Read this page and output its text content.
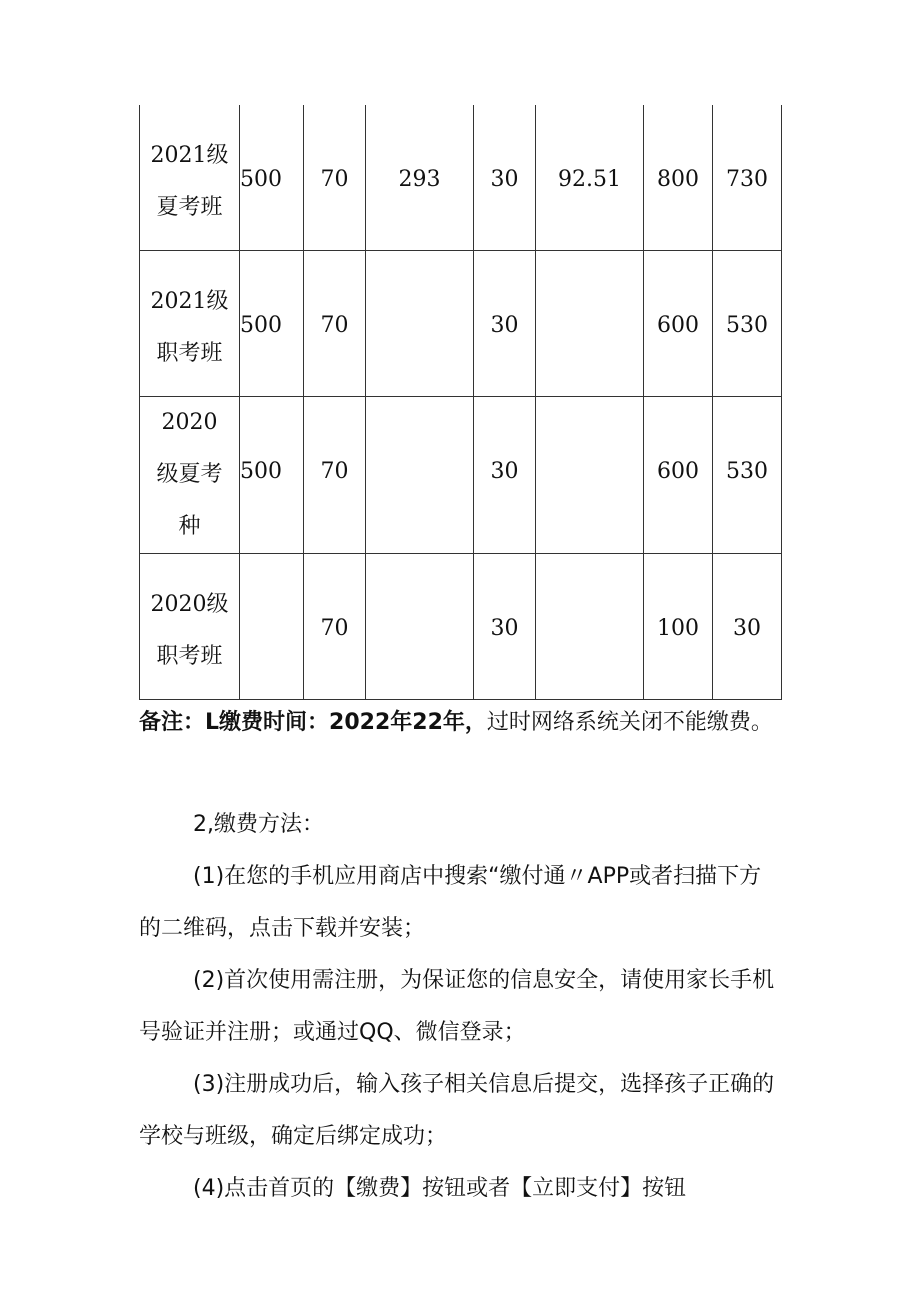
2021级
夏考班	500	70	293	30	92.51	800	730

2021级
职考班	500	70		30		600	530

2020
级夏考
种	500	70		30		600	530

2020级
职考班		70		30		100	30

备注：L缴费时间：2022年22年，过时网络系统关闭不能缴费。

2,缴费方法：

(1)在您的手机应用商店中搜索“缴付通〃APP或者扫描下方的二维码，点击下载并安装；

(2)首次使用需注册，为保证您的信息安全，请使用家长手机号验证并注册；或通过QQ、微信登录；

(3)注册成功后，输入孩子相关信息后提交，选择孩子正确的学校与班级，确定后绑定成功；

(4)点击首页的【缴费】按钮或者【立即支付】按钮
